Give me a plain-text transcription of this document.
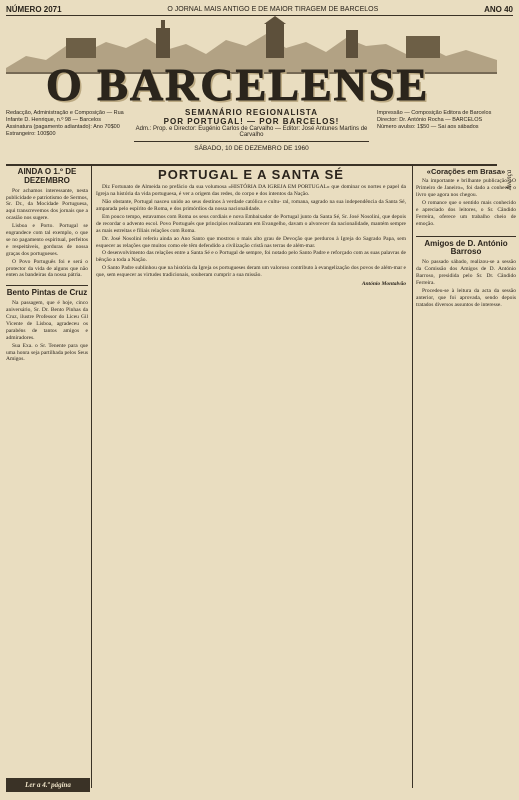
NÚMERO 2071	O JORNAL MAIS ANTIGO E DE MAIOR TIRAGEM DE BARCELOS	ANO 40
O BARCELENSE
Redacção, Administração e Composição — Rua Infante D. Henrique, n.º 98 — Barcelos
Assinatura (pagamento adiantado): Ano 70$00
Estrangeiro: 100$00
SEMANÁRIO REGIONALISTA
POR PORTUGAL! — POR BARCELOS!
Adm.: Prop. e Director: Eugénio Carlos de Carvalho — Editor: José Antunes Martins de Carvalho
SÁBADO, 10 DE DEZEMBRO DE 1960
Impressão — Composição Editora de Barcelos
Director: Dr. António Rocha — BARCELOS
Número avulso: 1$50 — Sai aos sábados
Avença
AINDA O 1.º DE DEZEMBRO

Por achamos interessante, nesta publicidade e patriotismo de Sermos, Sr. Dr., da Mocidade Portuguesa, aqui transcrevemos dos jornais que a ocasião nos sugere.

Lisboa e Porto. Portugal se engrandece com tal exemplo, o que se no pagamento espiritual, perfeitos e respeitáveis, gorduras de nossa graças dos portugueses.

O Povo Português foi e será o protector da vida de alguns que não enten as bandeiras da nossa pátria.

Bento Pintas de Cruz

Na passagem, que é hoje, cinco aniversário, Sr. Dr. Bento Pinhas da Cruz, ilustre Professor do Liceu Gil Vicente de Lisboa, agradeceu os parabéns de tantos amigos e admiradores.

Sua Exa. o Sr. Tenente para que uma honra seja partilhada pelos Seus Amigos.

PORTUGAL E A SANTA SÉ

Diz Fortunato de Almeida no prefácio da sua volumosa «HISTÓRIA DA IGREJA EM PORTUGAL» que dominar os nortes e papel da Igreja na história da vida portuguesa, é ver a origem das redes, do corpo e dos intentos da Nação.

Não obstante, Portugal nasceu unido ao seus destinos à verdade católica e cultu- ral, romana, sagrado na sua independência da Santa Sé, amparada pelo espírito de Roma, e dos primórdios da nossa nacionalidade.

Em pouco tempo, estavamos com Roma os seus cordiais e nova Embaixador de Portugal junto da Santa Sé, Sr. José Nosolini, que depois de recordar o advento escol. Povo Português que principios realizaram em Evangelho, davam o alvorecer da nacionalidade, mantém sempre as mais estreitas e filiais relações com Roma.

Dr. José Nosolini referiu ainda ao Ano Santo que mostrou o mais alto grau de Devoção que perdurou à Igreja do Sagrado Papa, sem esquecer as relações que muitos como ele têm defendido a civilização cristã nas terras de além-mar.

O desenvolvimento das relações entre a Santa Sé e o Portugal de sempre, foi notado pelo Santo Padre e reforçado com as suas palavras de bênção a toda a Nação.

O Santo Padre sublinhou que na história da Igreja os portugueses deram um valoroso contributo à evangelização dos povos de além-mar e que, sem esquecer as virtudes tradicionais, souberam cumprir a sua missão.

António Montalvão
«Corações em Brasa»

Na importante e brilhante publicação «O Primeiro de Janeiro», foi dado a conhecer o livro que agora nos chegou.

O romance que o sentido mais conhecido e apreciado dos leitores, o Sr. Cândido Ferreira, oferece um trabalho cheio de emoção.

Amigos de D. António Barroso

No passado sábado, realizou-se a sessão da Comissão dos Amigos de D. António Barroso, presidida pelo Sr. Dr. Cândido Ferreira.

Procedeu-se à leitura da acta da sessão anterior, que foi aprovada, sendo depois tratados diversos assuntos de interesse.

Ler a 4.ª página
